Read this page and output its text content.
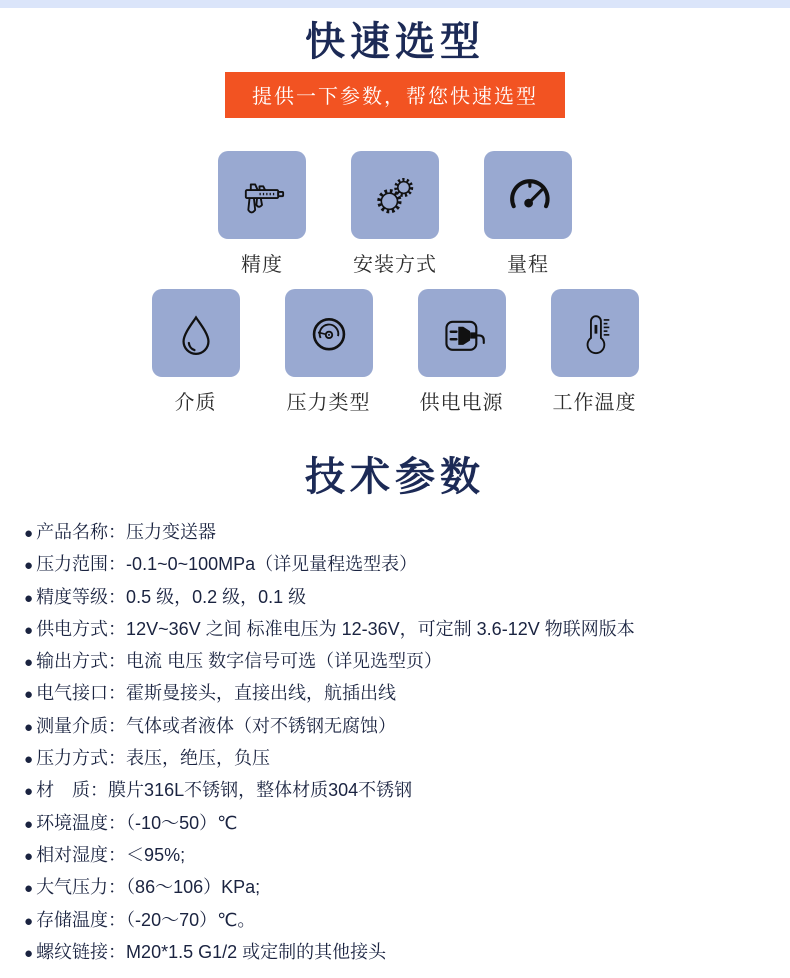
快速选型
提供一下参数，帮您快速选型
精度	安装方式	量程
介质	压力类型 供电电源 工作温度
技术参数
● 产品名称：压力变送器
● 压力范围：-0.1~0~100MPa（详见量程选型表）
● 精度等级：0.5 级，0.2 级，0.1 级
● 供电方式：12V~36V 之间 标准电压为 12-36V，可定制 3.6-12V 物联网版本
● 输出方式：电流 电压 数字信号可选（详见选型页）
● 电气接口：霍斯曼接头，直接出线，航插出线
● 测量介质：气体或者液体（对不锈钢无腐蚀）
● 压力方式：表压，绝压，负压
● 材　质：膜片316L不锈钢，整体材质304不锈钢
● 环境温度：（-10～50）℃
● 相对湿度：＜95%;
● 大气压力：（86～106）KPa;
● 存储温度：（-20～70）℃。
● 螺纹链接：M20*1.5 G1/2 或定制的其他接头
